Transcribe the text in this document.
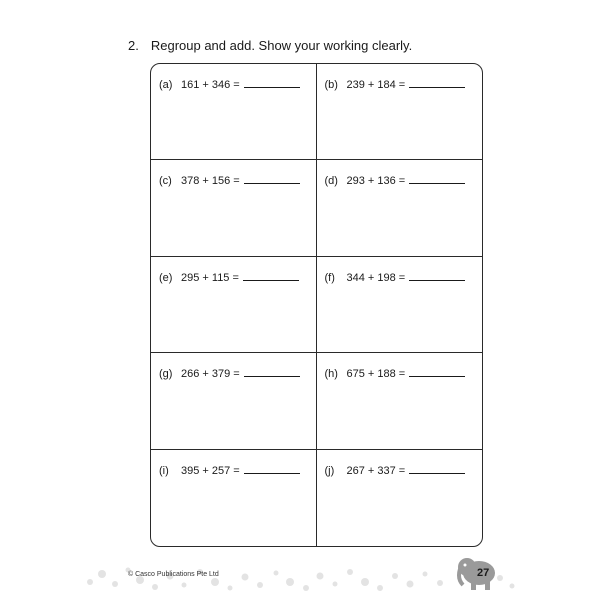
2. Regroup and add. Show your working clearly.
(a) 161 + 346 =	(b) 239 + 184 =
(c) 378 + 156 =	(d) 293 + 136 =
(e) 295 + 115 =	(f)	344 + 198 =
(g) 266 + 379 =	(h) 675 + 188 =
(i)	395 + 257 =	(j)	267 + 337 =
© Casco Publications Pte Ltd	27
